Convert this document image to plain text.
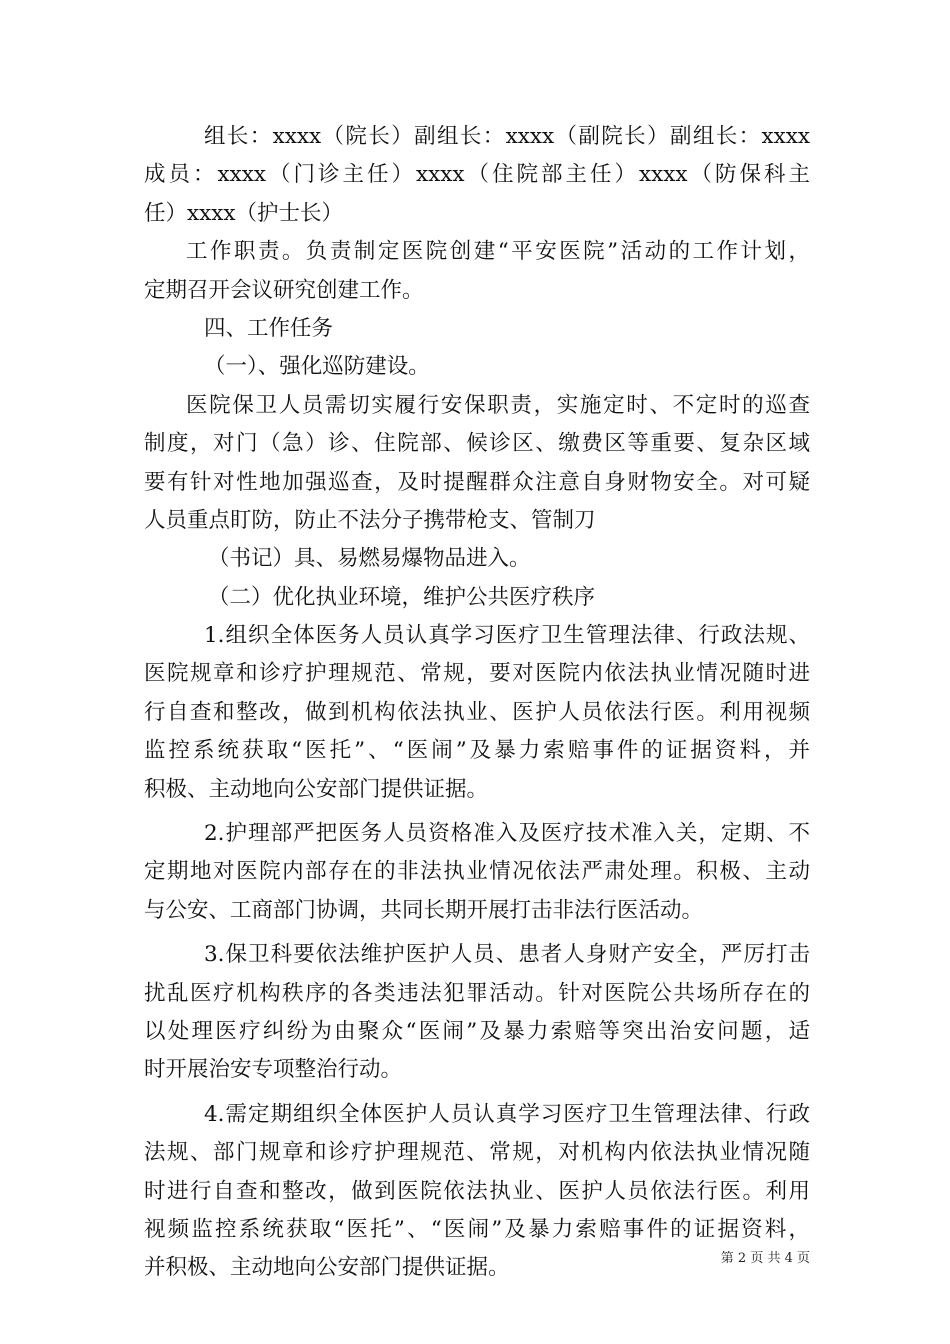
组长：xxxx（院长）副组长：xxxx（副院长）副组长：xxxx
成员：xxxx（门诊主任）xxxx（住院部主任）xxxx（防保科主
任）xxxx（护士长）
工作职责。负责制定医院创建“平安医院”活动的工作计划，
定期召开会议研究创建工作。
四、工作任务
（一）、强化巡防建设。
医院保卫人员需切实履行安保职责，实施定时、不定时的巡查
制度，对门（急）诊、住院部、候诊区、缴费区等重要、复杂区域
要有针对性地加强巡查，及时提醒群众注意自身财物安全。对可疑
人员重点盯防，防止不法分子携带枪支、管制刀
（书记）具、易燃易爆物品进入。
（二）优化执业环境，维护公共医疗秩序
1.组织全体医务人员认真学习医疗卫生管理法律、行政法规、
医院规章和诊疗护理规范、常规，要对医院内依法执业情况随时进
行自查和整改，做到机构依法执业、医护人员依法行医。利用视频
监控系统获取“医托”、“医闹”及暴力索赔事件的证据资料，并
积极、主动地向公安部门提供证据。
2.护理部严把医务人员资格准入及医疗技术准入关，定期、不
定期地对医院内部存在的非法执业情况依法严肃处理。积极、主动
与公安、工商部门协调，共同长期开展打击非法行医活动。
3.保卫科要依法维护医护人员、患者人身财产安全，严厉打击
扰乱医疗机构秩序的各类违法犯罪活动。针对医院公共场所存在的
以处理医疗纠纷为由聚众“医闹”及暴力索赔等突出治安问题，适
时开展治安专项整治行动。
4.需定期组织全体医护人员认真学习医疗卫生管理法律、行政
法规、部门规章和诊疗护理规范、常规，对机构内依法执业情况随
时进行自查和整改，做到医院依法执业、医护人员依法行医。利用
视频监控系统获取“医托”、“医闹”及暴力索赔事件的证据资料，
并积极、主动地向公安部门提供证据。	第 2 页 共 4 页
